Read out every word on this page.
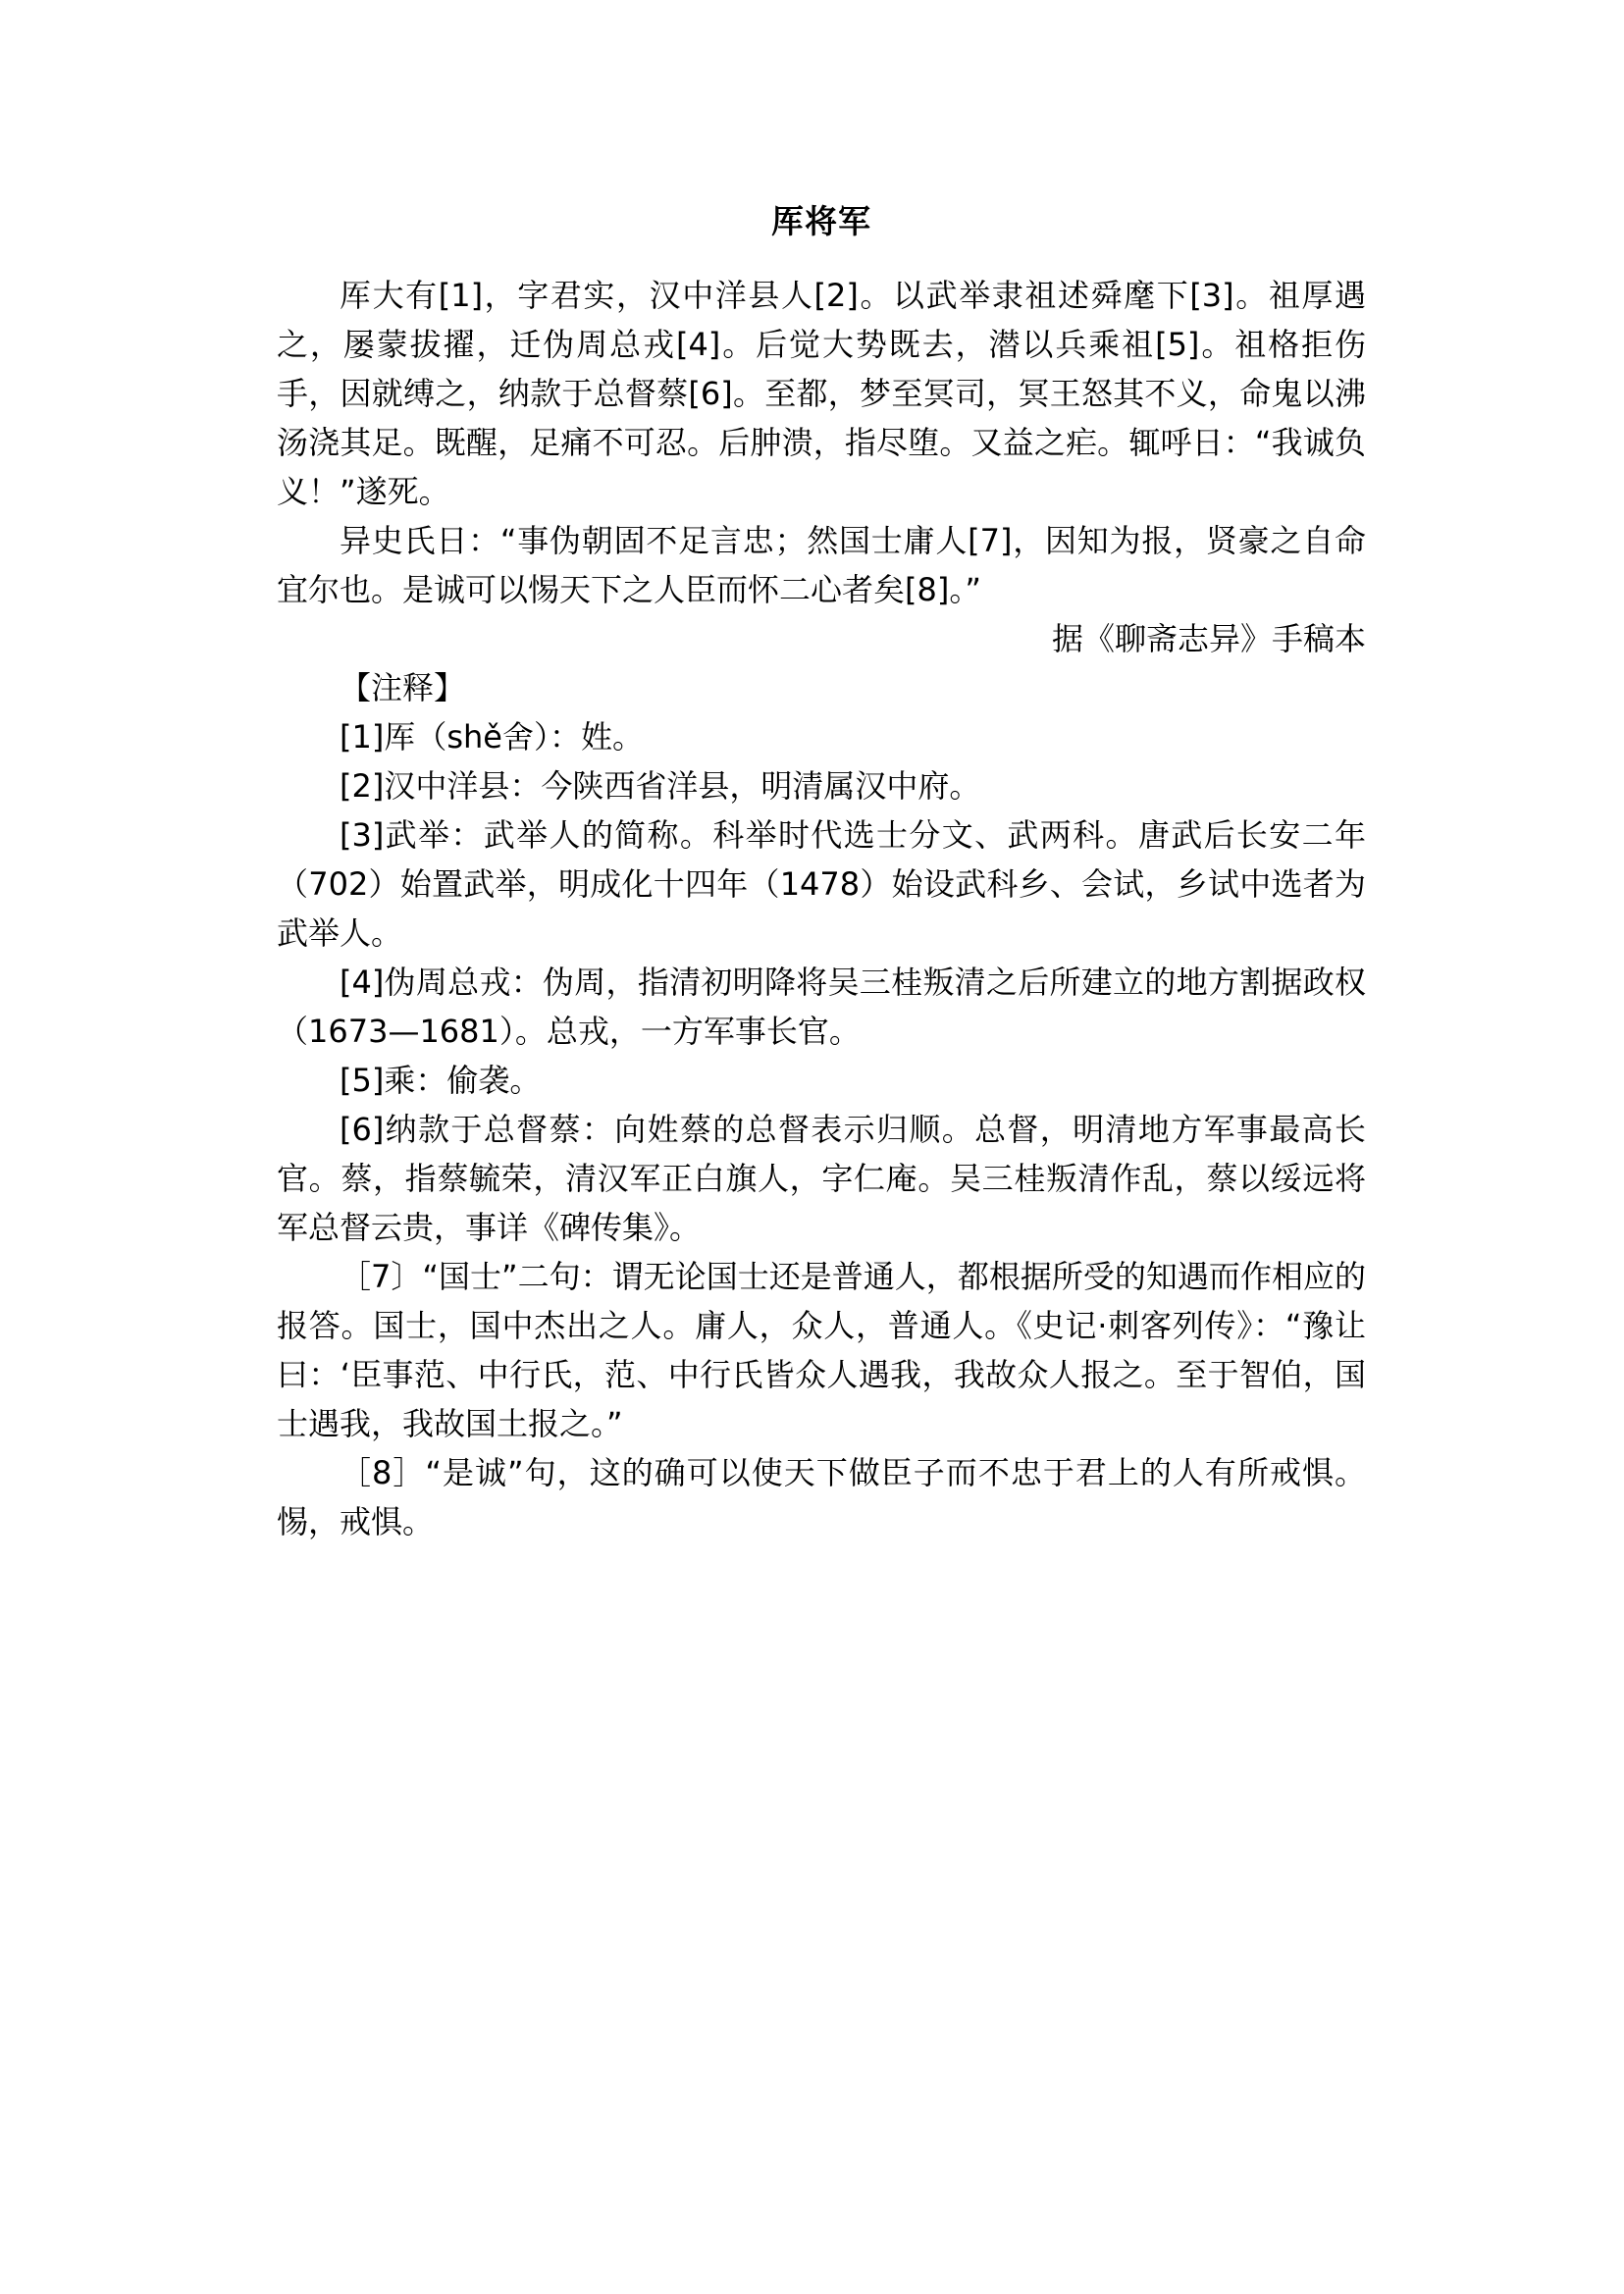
厍将军

厍大有[1]，字君实，汉中洋县人[2]。以武举隶祖述舜麾下[3]。祖厚遇之，屡蒙拔擢，迁伪周总戎[4]。后觉大势既去，潜以兵乘祖[5]。祖格拒伤手，因就缚之，纳款于总督蔡[6]。至都，梦至冥司，冥王怒其不义，命鬼以沸汤浇其足。既醒，足痛不可忍。后肿溃，指尽堕。又益之疟。辄呼日：“我诚负义！”遂死。

异史氏日：“事伪朝固不足言忠；然国士庸人[7]，因知为报，贤豪之自命宜尔也。是诚可以惕天下之人臣而怀二心者矣[8]。”

据《聊斋志异》手稿本

【注释】

[1]厍（shě舍）：姓。

[2]汉中洋县：今陕西省洋县，明清属汉中府。

[3]武举：武举人的简称。科举时代选士分文、武两科。唐武后长安二年（702）始置武举，明成化十四年（1478）始设武科乡、会试，乡试中选者为武举人。

[4]伪周总戎：伪周，指清初明降将吴三桂叛清之后所建立的地方割据政权（1673—1681）。总戎，一方军事长官。

[5]乘：偷袭。

[6]纳款于总督蔡：向姓蔡的总督表示归顺。总督，明清地方军事最高长官。蔡，指蔡毓荣，清汉军正白旗人，字仁庵。吴三桂叛清作乱，蔡以绥远将军总督云贵，事详《碑传集》。

［7〕“国士”二句：谓无论国士还是普通人，都根据所受的知遇而作相应的报答。国士，国中杰出之人。庸人，众人，普通人。《史记·刺客列传》：“豫让曰：‘臣事范、中行氏，范、中行氏皆众人遇我，我故众人报之。至于智伯，国士遇我，我故国土报之。”

［8］“是诚”句，这的确可以使天下做臣子而不忠于君上的人有所戒惧。惕，戒惧。
